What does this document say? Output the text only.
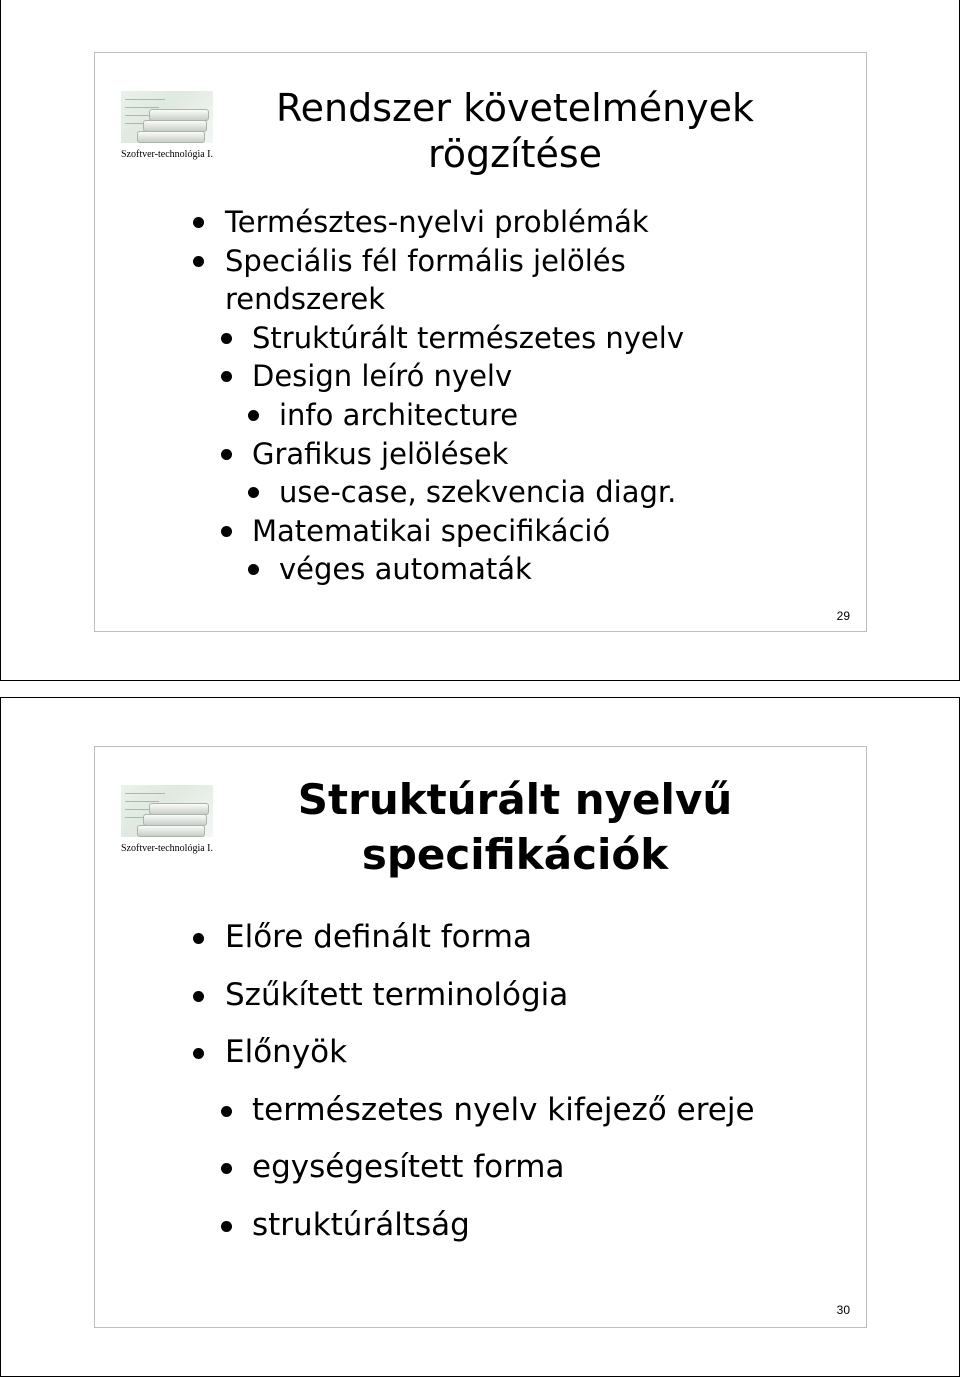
Szoftver-technológia I.
Rendszer követelmények
rögzítése
Természtes-nyelvi problémák
Speciális fél formális jelölés
rendszerek
Struktúrált természetes nyelv
Design leíró nyelv
info architecture
Grafikus jelölések
use-case, szekvencia diagr.
Matematikai specifikáció
véges automaták
29
Szoftver-technológia I.
Struktúrált nyelvű
specifikációk
Előre definált forma
Szűkített terminológia
Előnyök
természetes nyelv kifejező ereje
egységesített forma
struktúráltság
30
